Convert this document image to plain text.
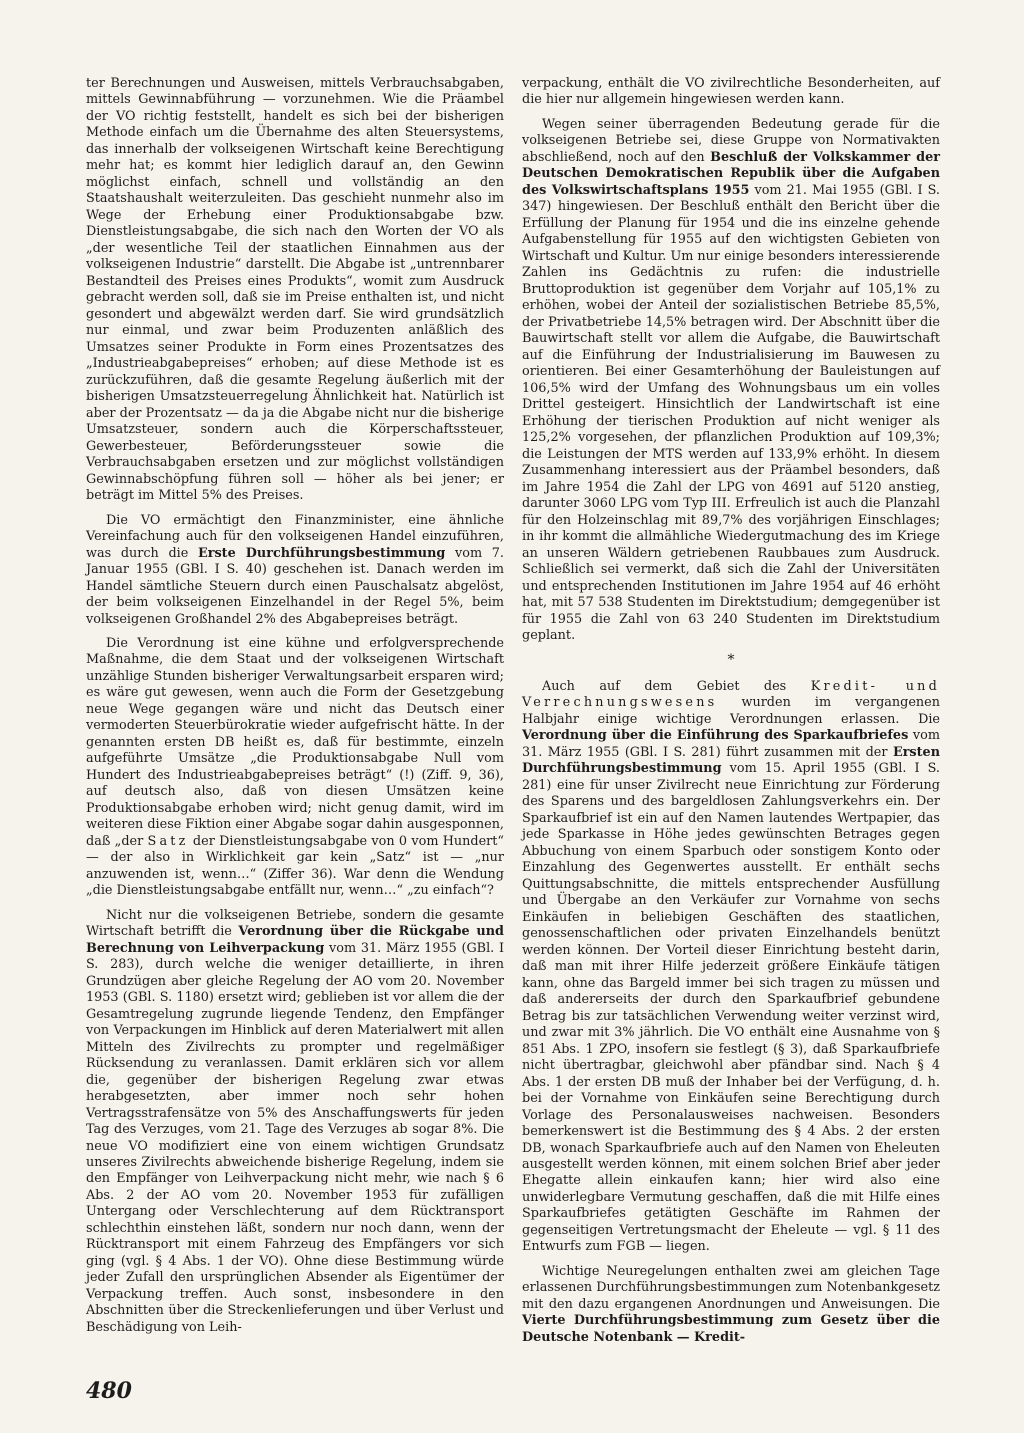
ter Berechnungen und Ausweisen, mittels Verbrauchsabgaben, mittels Gewinnabführung — vorzunehmen. Wie die Präambel der VO richtig feststellt, handelt es sich bei der bisherigen Methode einfach um die Übernahme des alten Steuersystems, das innerhalb der volkseigenen Wirtschaft keine Berechtigung mehr hat; es kommt hier lediglich darauf an, den Gewinn möglichst einfach, schnell und vollständig an den Staatshaushalt weiterzuleiten. Das geschieht nunmehr also im Wege der Erhebung einer Produktionsabgabe bzw. Dienstleistungsabgabe, die sich nach den Worten der VO als „der wesentliche Teil der staatlichen Einnahmen aus der volkseigenen Industrie“ darstellt. Die Abgabe ist „untrennbarer Bestandteil des Preises eines Produkts“, womit zum Ausdruck gebracht werden soll, daß sie im Preise enthalten ist, und nicht gesondert und abgewälzt werden darf. Sie wird grundsätzlich nur einmal, und zwar beim Produzenten anläßlich des Umsatzes seiner Produkte in Form eines Prozentsatzes des „Industrieabgabepreises“ erhoben; auf diese Methode ist es zurückzuführen, daß die gesamte Regelung äußerlich mit der bisherigen Umsatzsteuerregelung Ähnlichkeit hat. Natürlich ist aber der Prozentsatz — da ja die Abgabe nicht nur die bisherige Umsatzsteuer, sondern auch die Körperschaftssteuer, Gewerbesteuer, Beförderungssteuer sowie die Verbrauchsabgaben ersetzen und zur möglichst vollständigen Gewinnabschöpfung führen soll — höher als bei jener; er beträgt im Mittel 5% des Preises.

Die VO ermächtigt den Finanzminister, eine ähnliche Vereinfachung auch für den volkseigenen Handel einzuführen, was durch die Erste Durchführungsbestimmung vom 7. Januar 1955 (GBl. I S. 40) geschehen ist. Danach werden im Handel sämtliche Steuern durch einen Pauschalsatz abgelöst, der beim volkseigenen Einzelhandel in der Regel 5%, beim volkseigenen Großhandel 2% des Abgabepreises beträgt.

Die Verordnung ist eine kühne und erfolgversprechende Maßnahme, die dem Staat und der volkseigenen Wirtschaft unzählige Stunden bisheriger Verwaltungsarbeit ersparen wird; es wäre gut gewesen, wenn auch die Form der Gesetzgebung neue Wege gegangen wäre und nicht das Deutsch einer vermoderten Steuerbürokratie wieder aufgefrischt hätte. In der genannten ersten DB heißt es, daß für bestimmte, einzeln aufgeführte Umsätze „die Produktionsabgabe Null vom Hundert des Industrieabgabepreises beträgt“ (!) (Ziff. 9, 36), auf deutsch also, daß von diesen Umsätzen keine Produktionsabgabe erhoben wird; nicht genug damit, wird im weiteren diese Fiktion einer Abgabe sogar dahin ausgesponnen, daß „der Satz der Dienstleistungsabgabe von 0 vom Hundert“ — der also in Wirklichkeit gar kein „Satz“ ist — „nur anzuwenden ist, wenn…“ (Ziffer 36). War denn die Wendung „die Dienstleistungsabgabe entfällt nur, wenn…“ „zu einfach“?

Nicht nur die volkseigenen Betriebe, sondern die gesamte Wirtschaft betrifft die Verordnung über die Rückgabe und Berechnung von Leihverpackung vom 31. März 1955 (GBl. I S. 283), durch welche die weniger detaillierte, in ihren Grundzügen aber gleiche Regelung der AO vom 20. November 1953 (GBl. S. 1180) ersetzt wird; geblieben ist vor allem die der Gesamtregelung zugrunde liegende Tendenz, den Empfänger von Verpackungen im Hinblick auf deren Materialwert mit allen Mitteln des Zivilrechts zu prompter und regelmäßiger Rücksendung zu veranlassen. Damit erklären sich vor allem die, gegenüber der bisherigen Regelung zwar etwas herabgesetzten, aber immer noch sehr hohen Vertragsstrafensätze von 5% des Anschaffungswerts für jeden Tag des Verzuges, vom 21. Tage des Verzuges ab sogar 8%. Die neue VO modifiziert eine von einem wichtigen Grundsatz unseres Zivilrechts abweichende bisherige Regelung, indem sie den Empfänger von Leihverpackung nicht mehr, wie nach § 6 Abs. 2 der AO vom 20. November 1953 für zufälligen Untergang oder Verschlechterung auf dem Rücktransport schlechthin einstehen läßt, sondern nur noch dann, wenn der Rücktransport mit einem Fahrzeug des Empfängers vor sich ging (vgl. § 4 Abs. 1 der VO). Ohne diese Bestimmung würde jeder Zufall den ursprünglichen Absender als Eigentümer der Verpackung treffen. Auch sonst, insbesondere in den Abschnitten über die Streckenlieferungen und über Verlust und Beschädigung von Leih-

verpackung, enthält die VO zivilrechtliche Besonderheiten, auf die hier nur allgemein hingewiesen werden kann.

Wegen seiner überragenden Bedeutung gerade für die volkseigenen Betriebe sei, diese Gruppe von Normativakten abschließend, noch auf den Beschluß der Volkskammer der Deutschen Demokratischen Republik über die Aufgaben des Volkswirtschaftsplans 1955 vom 21. Mai 1955 (GBl. I S. 347) hingewiesen. Der Beschluß enthält den Bericht über die Erfüllung der Planung für 1954 und die ins einzelne gehende Aufgabenstellung für 1955 auf den wichtigsten Gebieten von Wirtschaft und Kultur. Um nur einige besonders interessierende Zahlen ins Gedächtnis zu rufen: die industrielle Bruttoproduktion ist gegenüber dem Vorjahr auf 105,1% zu erhöhen, wobei der Anteil der sozialistischen Betriebe 85,5%, der Privatbetriebe 14,5% betragen wird. Der Abschnitt über die Bauwirtschaft stellt vor allem die Aufgabe, die Bauwirtschaft auf die Einführung der Industrialisierung im Bauwesen zu orientieren. Bei einer Gesamterhöhung der Bauleistungen auf 106,5% wird der Umfang des Wohnungsbaus um ein volles Drittel gesteigert. Hinsichtlich der Landwirtschaft ist eine Erhöhung der tierischen Produktion auf nicht weniger als 125,2% vorgesehen, der pflanzlichen Produktion auf 109,3%; die Leistungen der MTS werden auf 133,9% erhöht. In diesem Zusammenhang interessiert aus der Präambel besonders, daß im Jahre 1954 die Zahl der LPG von 4691 auf 5120 anstieg, darunter 3060 LPG vom Typ III. Erfreulich ist auch die Planzahl für den Holzeinschlag mit 89,7% des vorjährigen Einschlages; in ihr kommt die allmähliche Wiedergutmachung des im Kriege an unseren Wäldern getriebenen Raubbaues zum Ausdruck. Schließlich sei vermerkt, daß sich die Zahl der Universitäten und entsprechenden Institutionen im Jahre 1954 auf 46 erhöht hat, mit 57 538 Studenten im Direktstudium; demgegenüber ist für 1955 die Zahl von 63 240 Studenten im Direktstudium geplant.

*

Auch auf dem Gebiet des Kredit- und Verrechnungswesens wurden im vergangenen Halbjahr einige wichtige Verordnungen erlassen. Die Verordnung über die Einführung des Sparkaufbriefes vom 31. März 1955 (GBl. I S. 281) führt zusammen mit der Ersten Durchführungsbestimmung vom 15. April 1955 (GBl. I S. 281) eine für unser Zivilrecht neue Einrichtung zur Förderung des Sparens und des bargeldlosen Zahlungsverkehrs ein. Der Sparkaufbrief ist ein auf den Namen lautendes Wertpapier, das jede Sparkasse in Höhe jedes gewünschten Betrages gegen Abbuchung von einem Sparbuch oder sonstigem Konto oder Einzahlung des Gegenwertes ausstellt. Er enthält sechs Quittungsabschnitte, die mittels entsprechender Ausfüllung und Übergabe an den Verkäufer zur Vornahme von sechs Einkäufen in beliebigen Geschäften des staatlichen, genossenschaftlichen oder privaten Einzelhandels benützt werden können. Der Vorteil dieser Einrichtung besteht darin, daß man mit ihrer Hilfe jederzeit größere Einkäufe tätigen kann, ohne das Bargeld immer bei sich tragen zu müssen und daß andererseits der durch den Sparkaufbrief gebundene Betrag bis zur tatsächlichen Verwendung weiter verzinst wird, und zwar mit 3% jährlich. Die VO enthält eine Ausnahme von § 851 Abs. 1 ZPO, insofern sie festlegt (§ 3), daß Sparkaufbriefe nicht übertragbar, gleichwohl aber pfändbar sind. Nach § 4 Abs. 1 der ersten DB muß der Inhaber bei der Verfügung, d. h. bei der Vornahme von Einkäufen seine Berechtigung durch Vorlage des Personalausweises nachweisen. Besonders bemerkenswert ist die Bestimmung des § 4 Abs. 2 der ersten DB, wonach Sparkaufbriefe auch auf den Namen von Eheleuten ausgestellt werden können, mit einem solchen Brief aber jeder Ehegatte allein einkaufen kann; hier wird also eine unwiderlegbare Vermutung geschaffen, daß die mit Hilfe eines Sparkaufbriefes getätigten Geschäfte im Rahmen der gegenseitigen Vertretungsmacht der Eheleute — vgl. § 11 des Entwurfs zum FGB — liegen.

Wichtige Neuregelungen enthalten zwei am gleichen Tage erlassenen Durchführungsbestimmungen zum Notenbankgesetz mit den dazu ergangenen Anordnungen und Anweisungen. Die Vierte Durchführungsbestimmung zum Gesetz über die Deutsche Notenbank — Kredit-

480
